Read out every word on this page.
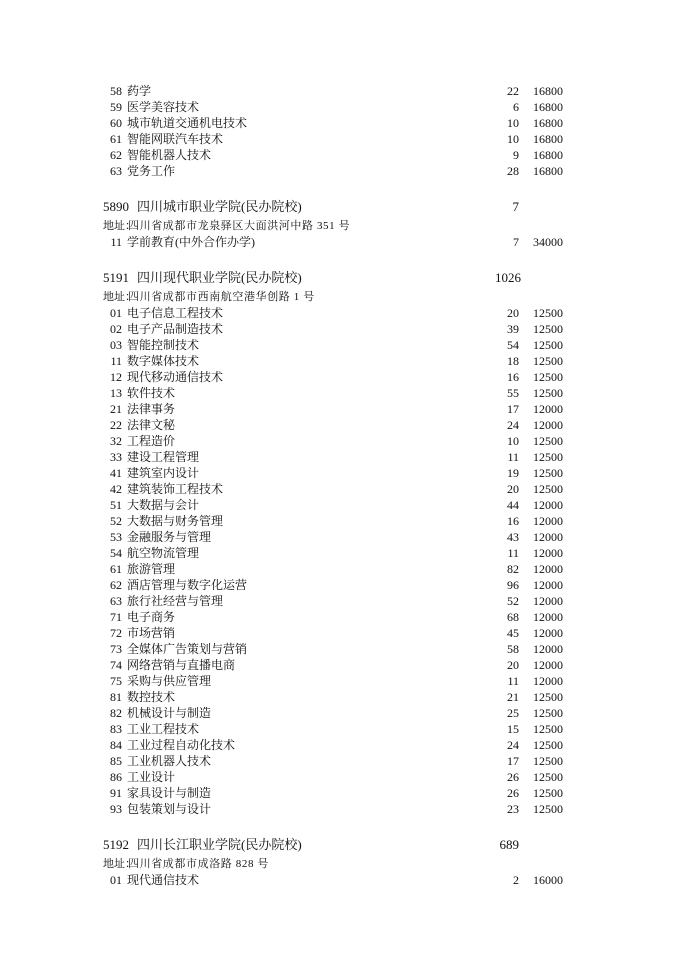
58 药学	22 16800
59 医学美容技术	6 16800
60 城市轨道交通机电技术	10 16800
61 智能网联汽车技术	10 16800
62 智能机器人技术	9 16800
63 党务工作	28 16800
5890 四川城市职业学院(民办院校)	7
地址：
四川省成都市龙泉驿区大面洪河中路 351 号
11 学前教育(中外合作办学)	7 34000
5191 四川现代职业学院(民办院校)	1026
地址：
四川省成都市西南航空港华创路 1 号
01 电子信息工程技术	20 12500
02 电子产品制造技术	39 12500
03 智能控制技术	54 12500
11 数字媒体技术	18 12500
12 现代移动通信技术	16 12500
13 软件技术	55 12500
21 法律事务	17 12000
22 法律文秘	24 12000
32 工程造价	10 12500
33 建设工程管理	11 12500
41 建筑室内设计	19 12500
42 建筑装饰工程技术	20 12500
51 大数据与会计	44 12000
52 大数据与财务管理	16 12000
53 金融服务与管理	43 12000
54 航空物流管理	11 12000
61 旅游管理	82 12000
62 酒店管理与数字化运营	96 12000
63 旅行社经营与管理	52 12000
71 电子商务	68 12000
72 市场营销	45 12000
73 全媒体广告策划与营销	58 12000
74 网络营销与直播电商	20 12000
75 采购与供应管理	11 12000
81 数控技术	21 12500
82 机械设计与制造	25 12500
83 工业工程技术	15 12500
84 工业过程自动化技术	24 12500
85 工业机器人技术	17 12500
86 工业设计	26 12500
91 家具设计与制造	26 12500
93 包装策划与设计	23 12500
5192 四川长江职业学院(民办院校)	689
地址：
四川省成都市成洛路 828 号
01 现代通信技术	2 16000
